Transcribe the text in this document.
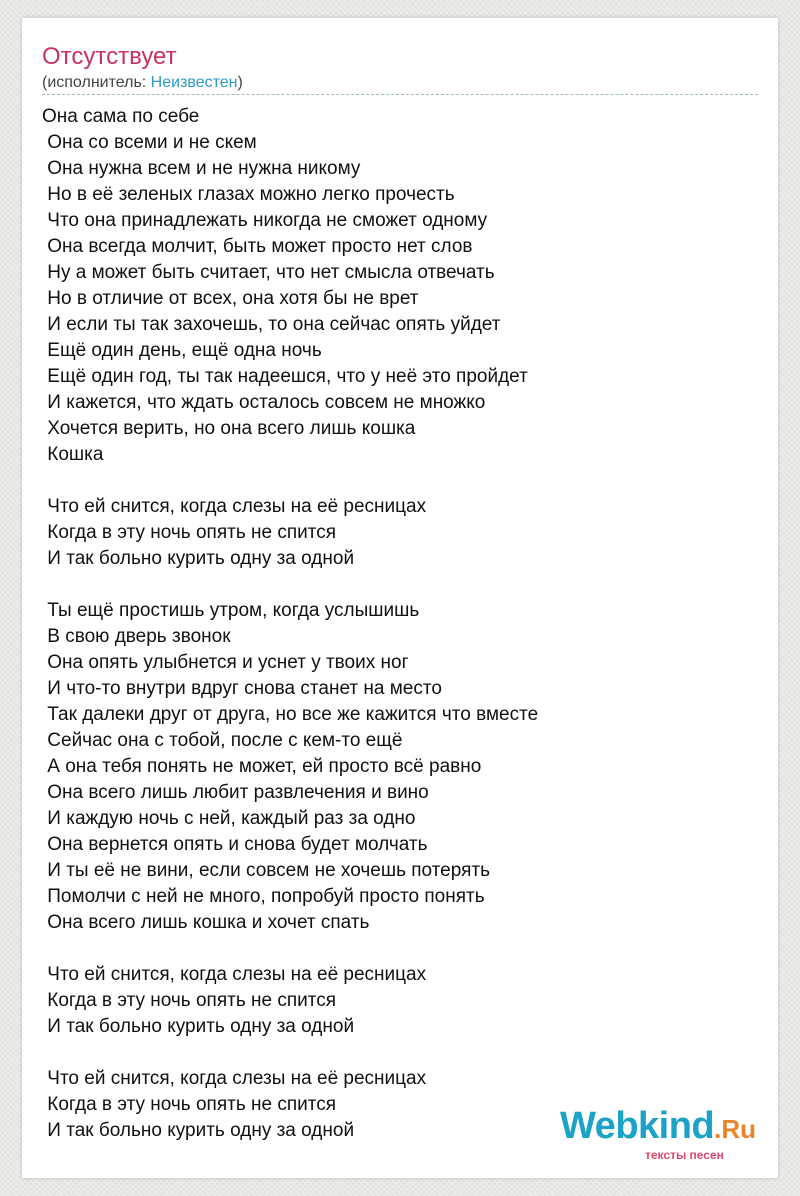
Отсутствует
(исполнитель: Неизвестен)
Она сама по себе
Она со всеми и не скем
Она нужна всем и не нужна никому
Но в её зеленых глазах можно легко прочесть
Что она принадлежать никогда не сможет одному
Она всегда молчит, быть может просто нет слов
Ну а может быть считает, что нет смысла отвечать
Но в отличие от всех, она хотя бы не врет
И если ты так захочешь, то она сейчас опять уйдет
Ещё один день, ещё одна ночь
Ещё один год, ты так надеешся, что у неё это пройдет
И кажется, что ждать осталось совсем не множко
Хочется верить, но она всего лишь кошка
Кошка
Что ей снится, когда слезы на её ресницах
Когда в эту ночь опять не спится
И так больно курить одну за одной
Ты ещё простишь утром, когда услышишь
В свою дверь звонок
Она опять улыбнется и уснет у твоих ног
И что-то внутри вдруг снова станет на место
Так далеки друг от друга, но все же кажится что вместе
Сейчас она с тобой, после с кем-то ещё
А она тебя понять не может, ей просто всё равно
Она всего лишь любит развлечения и вино
И каждую ночь с ней, каждый раз за одно
Она вернется опять и снова будет молчать
И ты её не вини, если совсем не хочешь потерять
Помолчи с ней не много, попробуй просто понять
Она всего лишь кошка и хочет спать
Что ей снится, когда слезы на её ресницах
Когда в эту ночь опять не спится
И так больно курить одну за одной
Что ей снится, когда слезы на её ресницах
Когда в эту ночь опять не спится
И так больно курить одну за одной	Webkind.Ru
тексты песен
